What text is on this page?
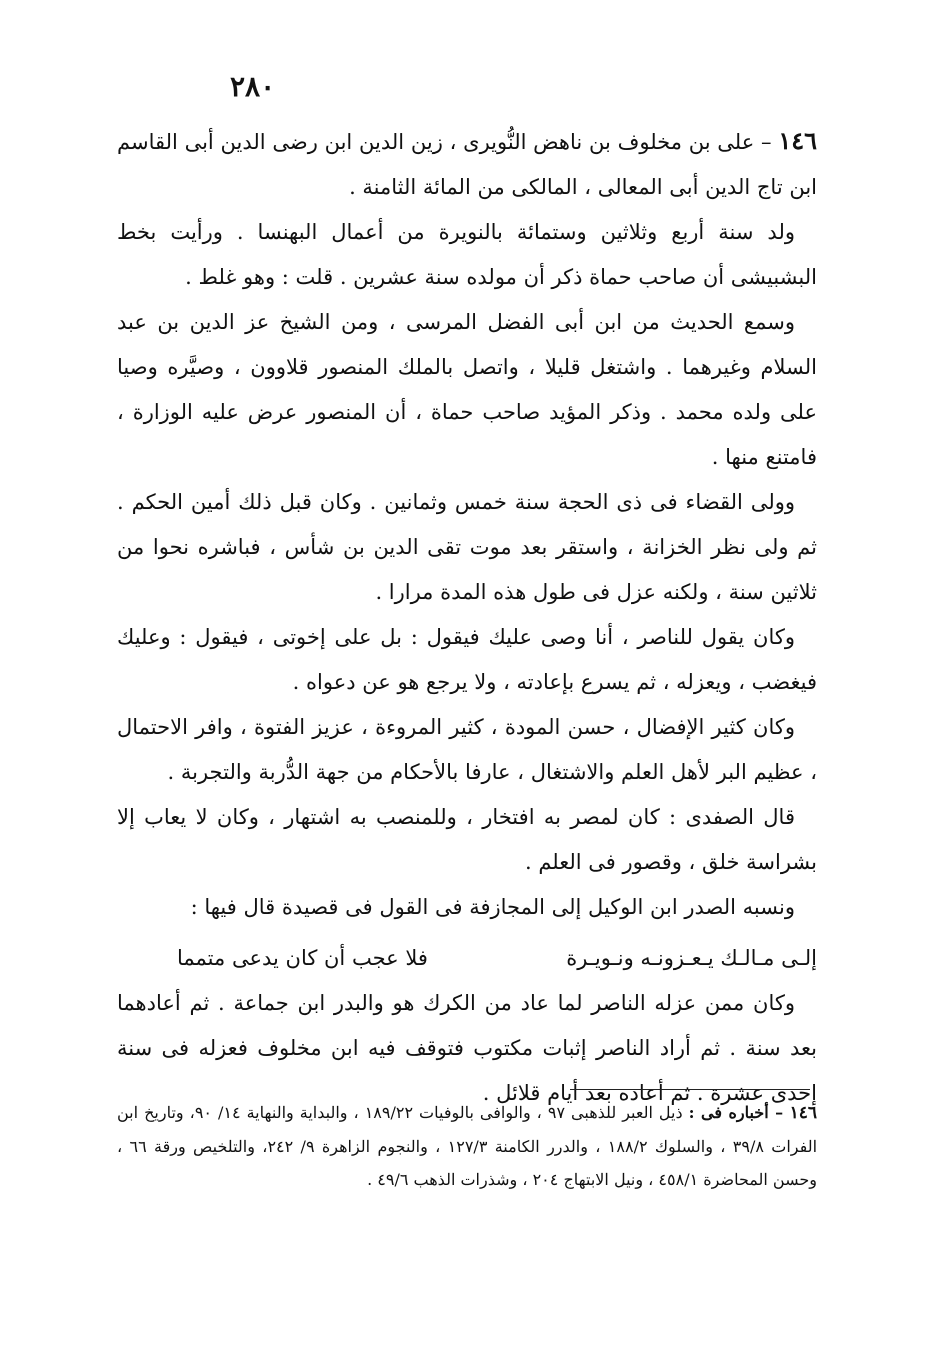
٢٨٠

١٤٦ – على بن مخلوف بن ناهض النُّويرى ، زين الدين ابن رضى الدين أبى القاسم ابن تاج الدين أبى المعالى ، المالكى من المائة الثامنة .

ولد سنة أربع وثلاثين وستمائة بالنويرة من أعمال البهنسا . ورأيت بخط البشبيشى أن صاحب حماة ذكر أن مولده سنة عشرين . قلت : وهو غلط .

وسمع الحديث من ابن أبى الفضل المرسى ، ومن الشيخ عز الدين بن عبد السلام وغيرهما . واشتغل قليلا ، واتصل بالملك المنصور قلاوون ، وصيَّره وصيا على ولده محمد . وذكر المؤيد صاحب حماة ، أن المنصور عرض عليه الوزارة ، فامتنع منها .

وولى القضاء فى ذى الحجة سنة خمس وثمانين . وكان قبل ذلك أمين الحكم . ثم ولى نظر الخزانة ، واستقر بعد موت تقى الدين بن شأس ، فباشره نحوا من ثلاثين سنة ، ولكنه عزل فى طول هذه المدة مرارا .

وكان يقول للناصر ، أنا وصى عليك فيقول : بل على إخوتى ، فيقول : وعليك فيغضب ، ويعزله ، ثم يسرع بإعادته ، ولا يرجع هو عن دعواه .

وكان كثير الإفضال ، حسن المودة ، كثير المروءة ، عزيز الفتوة ، وافر الاحتمال ، عظيم البر لأهل العلم والاشتغال ، عارفا بالأحكام من جهة الدُّربة والتجربة .

قال الصفدى : كان لمصر به افتخار ، وللمنصب به اشتهار ، وكان لا يعاب إلا بشراسة خلق ، وقصور فى العلم .

ونسبه الصدر ابن الوكيل إلى المجازفة فى القول فى قصيدة قال فيها :

إلـى مـالـك يـعـزونـه ونـويـرة
فلا عجب أن كان يدعى متمما

وكان ممن عزله الناصر لما عاد من الكرك هو والبدر ابن جماعة . ثم أعادهما بعد سنة . ثم أراد الناصر إثبات مكتوب فتوقف فيه ابن مخلوف فعزله فى سنة إحدى عشرة . ثم أعاده بعد أيام قلائل .

١٤٦ – أخباره فى : ذيل العبر للذهبى ٩٧ ، والوافى بالوفيات ١٨٩/٢٢ ، والبداية والنهاية ١٤/ ٩٠، وتاريخ ابن الفرات ٣٩/٨ ، والسلوك ١٨٨/٢ ، والدرر الكامنة ١٢٧/٣ ، والنجوم الزاهرة ٩/ ٢٤٢، والتلخيص ورقة ٦٦ ، وحسن المحاضرة ٤٥٨/١ ، ونيل الابتهاج ٢٠٤ ، وشذرات الذهب ٤٩/٦ .
